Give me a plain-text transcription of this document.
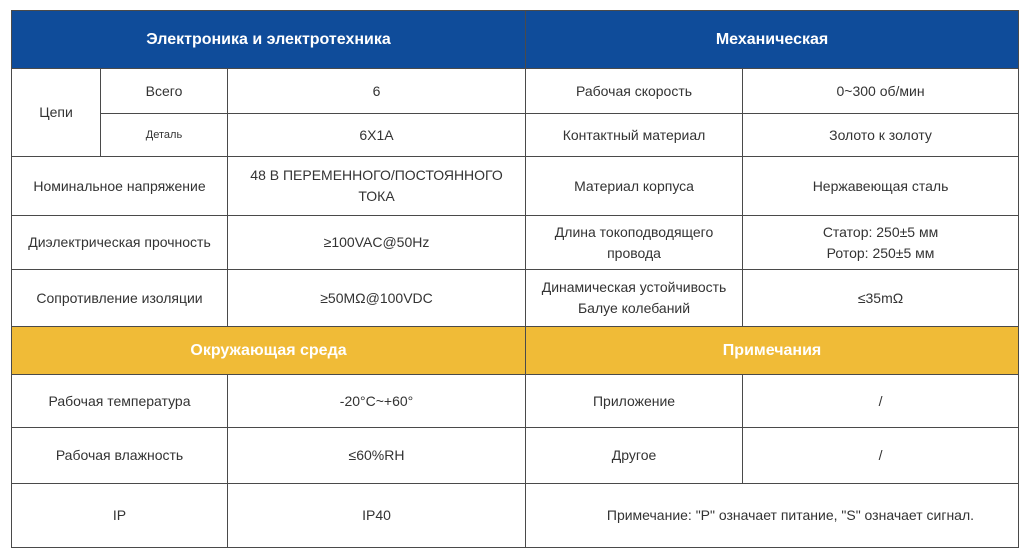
Электроника и электротехника			Механическая	
Цепи	Всего	6	Рабочая скорость	0~300 об/мин
	Деталь	6X1A	Контактный материал	Золото к золоту
Номинальное напряжение		48 В ПЕРЕМЕННОГО/ПОСТОЯННОГО ТОКА	Материал корпуса	Нержавеющая сталь
Диэлектрическая прочность		≥100VAC@50Hz	Длина токоподводящего провода	Статор: 250±5 мм
Ротор: 250±5 мм

Сопротивление изоляции		≥50MΩ@100VDC	Динамическая устойчивость Балуе колебаний	≤35mΩ
Окружающая среда			Примечания	
Рабочая температура		-20°C~+60°	Приложение	/
Рабочая влажность		≤60%RH	Другое	/
IP		IP40	Примечание: "P" означает питание, "S" означает сигнал.	
